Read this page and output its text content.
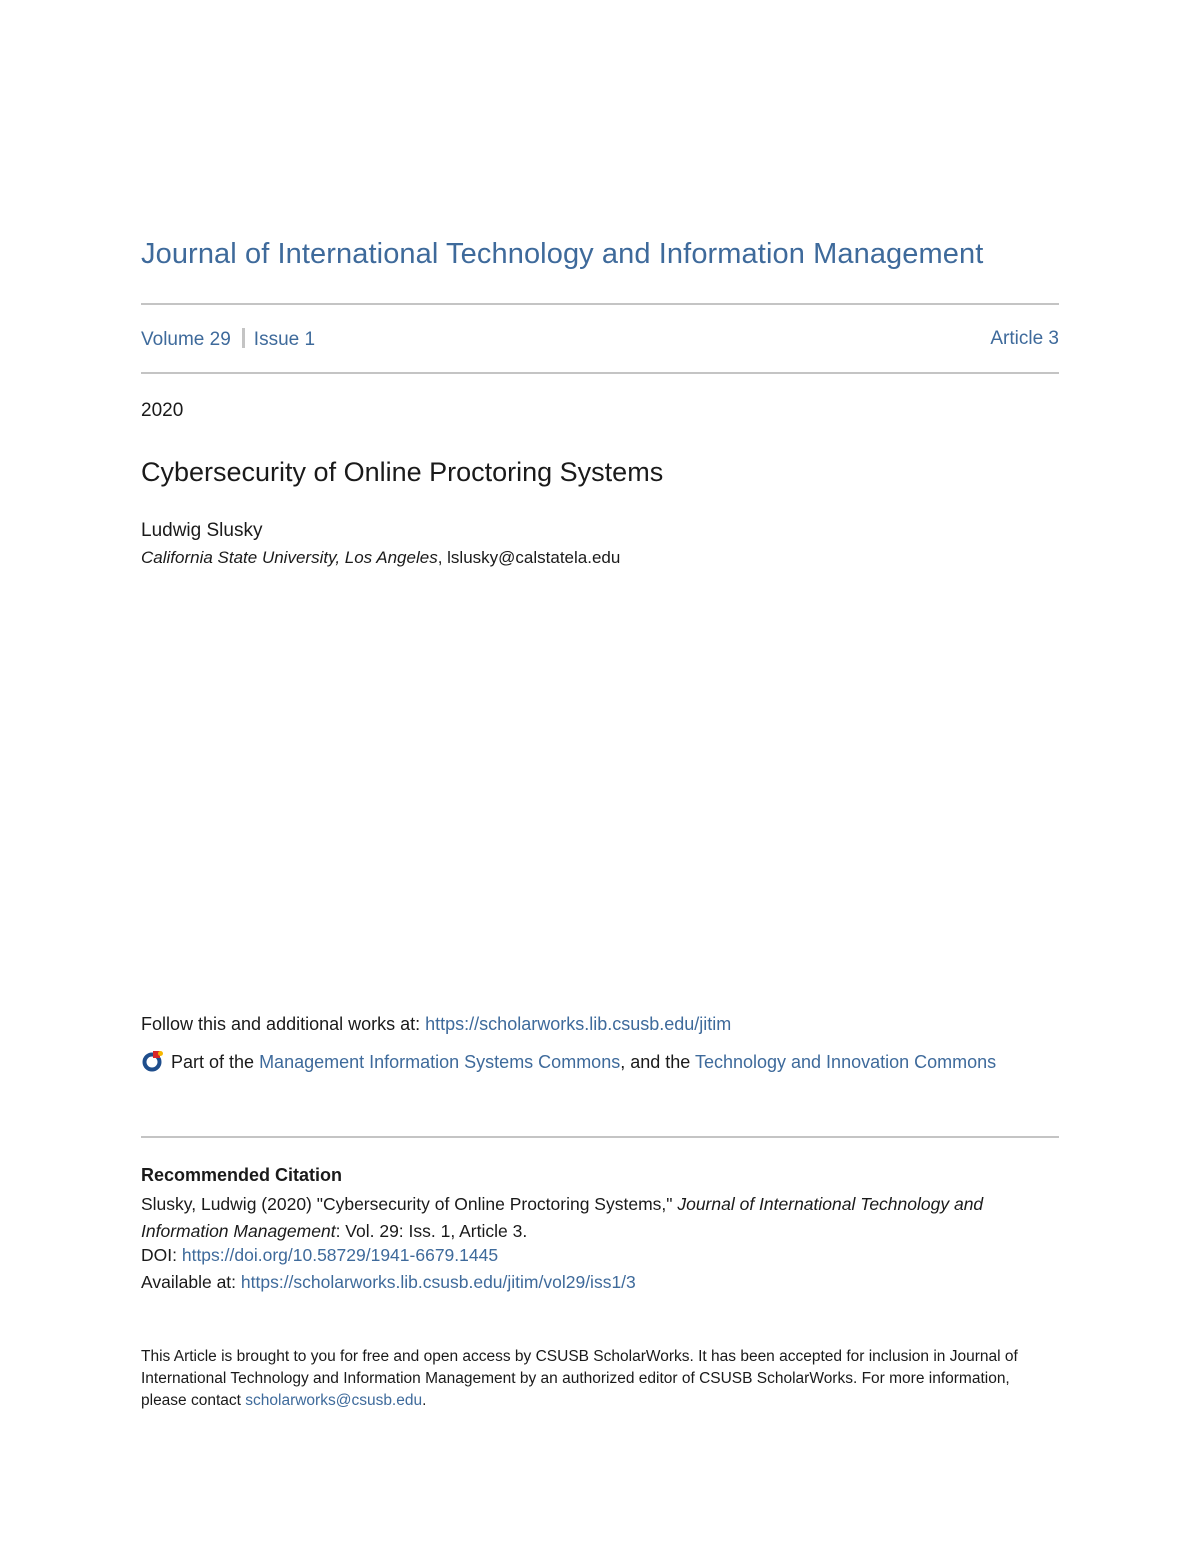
Journal of International Technology and Information Management
Volume 29 Issue 1	Article 3
2020
Cybersecurity of Online Proctoring Systems
Ludwig Slusky
California State University, Los Angeles, lslusky@calstatela.edu
Follow this and additional works at: https://scholarworks.lib.csusb.edu/jitim
Part of the Management Information Systems Commons, and the Technology and Innovation Commons
Recommended Citation
Slusky, Ludwig (2020) "Cybersecurity of Online Proctoring Systems," Journal of International Technology and Information Management: Vol. 29: Iss. 1, Article 3.
DOI: https://doi.org/10.58729/1941-6679.1445
Available at: https://scholarworks.lib.csusb.edu/jitim/vol29/iss1/3
This Article is brought to you for free and open access by CSUSB ScholarWorks. It has been accepted for inclusion in Journal of International Technology and Information Management by an authorized editor of CSUSB ScholarWorks. For more information, please contact scholarworks@csusb.edu.
